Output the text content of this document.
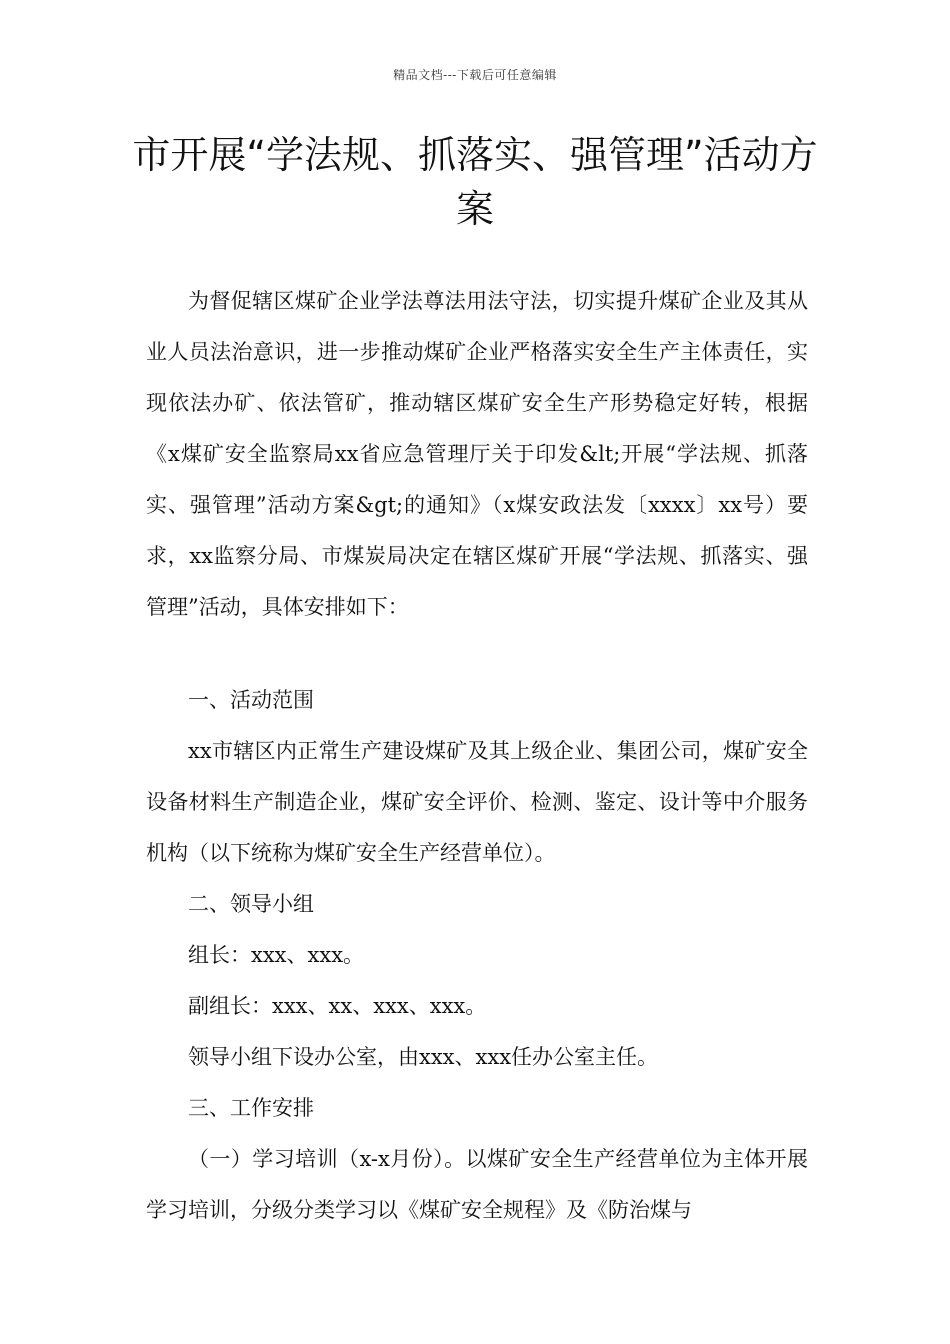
精品文档---下载后可任意编辑
市开展“学法规、抓落实、强管理”活动方案

为督促辖区煤矿企业学法尊法用法守法，切实提升煤矿企业及其从业人员法治意识，进一步推动煤矿企业严格落实安全生产主体责任，实现依法办矿、依法管矿，推动辖区煤矿安全生产形势稳定好转，根据《x煤矿安全监察局xx省应急管理厅关于印发&lt;开展“学法规、抓落实、强管理”活动方案&gt;的通知》（x煤安政法发〔xxxx〕xx号）要求，xx监察分局、市煤炭局决定在辖区煤矿开展“学法规、抓落实、强管理”活动，具体安排如下：

一、活动范围

xx市辖区内正常生产建设煤矿及其上级企业、集团公司，煤矿安全设备材料生产制造企业，煤矿安全评价、检测、鉴定、设计等中介服务机构（以下统称为煤矿安全生产经营单位）。

二、领导小组

组长：xxx、xxx。

副组长：xxx、xx、xxx、xxx。

领导小组下设办公室，由xxx、xxx任办公室主任。

三、工作安排

（一）学习培训（x-x月份）。以煤矿安全生产经营单位为主体开展学习培训，分级分类学习以《煤矿安全规程》及《防治煤与
